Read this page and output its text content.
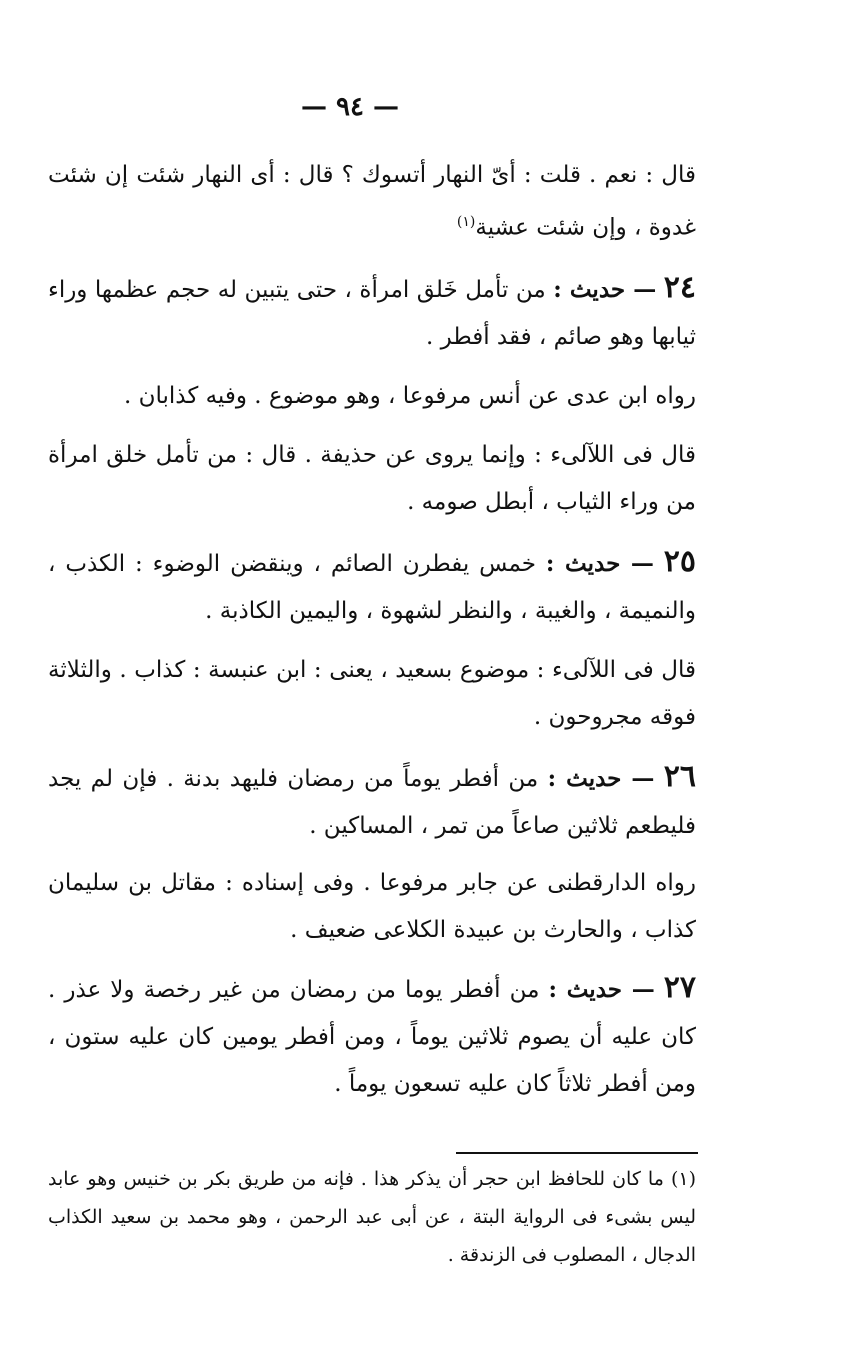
— ٩٤ —

قال : نعم . قلت : أىّ النهار أتسوك ؟ قال : أى النهار شئت إن شئت غدوة ، وإن شئت عشية$^{(١)}$

٢٤ — حديث : من تأمل خَلق امرأة ، حتى يتبين له حجم عظمها وراء ثيابها وهو صائم ، فقد أفطر .

رواه ابن عدى عن أنس مرفوعا ، وهو موضوع . وفيه كذابان .

قال فى اللآلىء : وإنما يروى عن حذيفة . قال : من تأمل خلق امرأة من وراء الثياب ، أبطل صومه .

٢٥ — حديث : خمس يفطرن الصائم ، وينقضن الوضوء : الكذب ، والنميمة ، والغيبة ، والنظر لشهوة ، واليمين الكاذبة .

قال فى اللآلىء : موضوع بسعيد ، يعنى : ابن عنبسة : كذاب . والثلاثة فوقه مجروحون .

٢٦ — حديث : من أفطر يوماً من رمضان فليهد بدنة . فإن لم يجد فليطعم ثلاثين صاعاً من تمر ، المساكين .

رواه الدارقطنى عن جابر مرفوعا . وفى إسناده : مقاتل بن سليمان كذاب ، والحارث بن عبيدة الكلاعى ضعيف .

٢٧ — حديث : من أفطر يوما من رمضان من غير رخصة ولا عذر . كان عليه أن يصوم ثلاثين يوماً ، ومن أفطر يومين كان عليه ستون ، ومن أفطر ثلاثاً كان عليه تسعون يوماً .

(١) ما كان للحافظ ابن حجر أن يذكر هذا . فإنه من طريق بكر بن خنيس وهو عابد ليس بشىء فى الرواية البتة ، عن أبى عبد الرحمن ، وهو محمد بن سعيد الكذاب الدجال ، المصلوب فى الزندقة .
